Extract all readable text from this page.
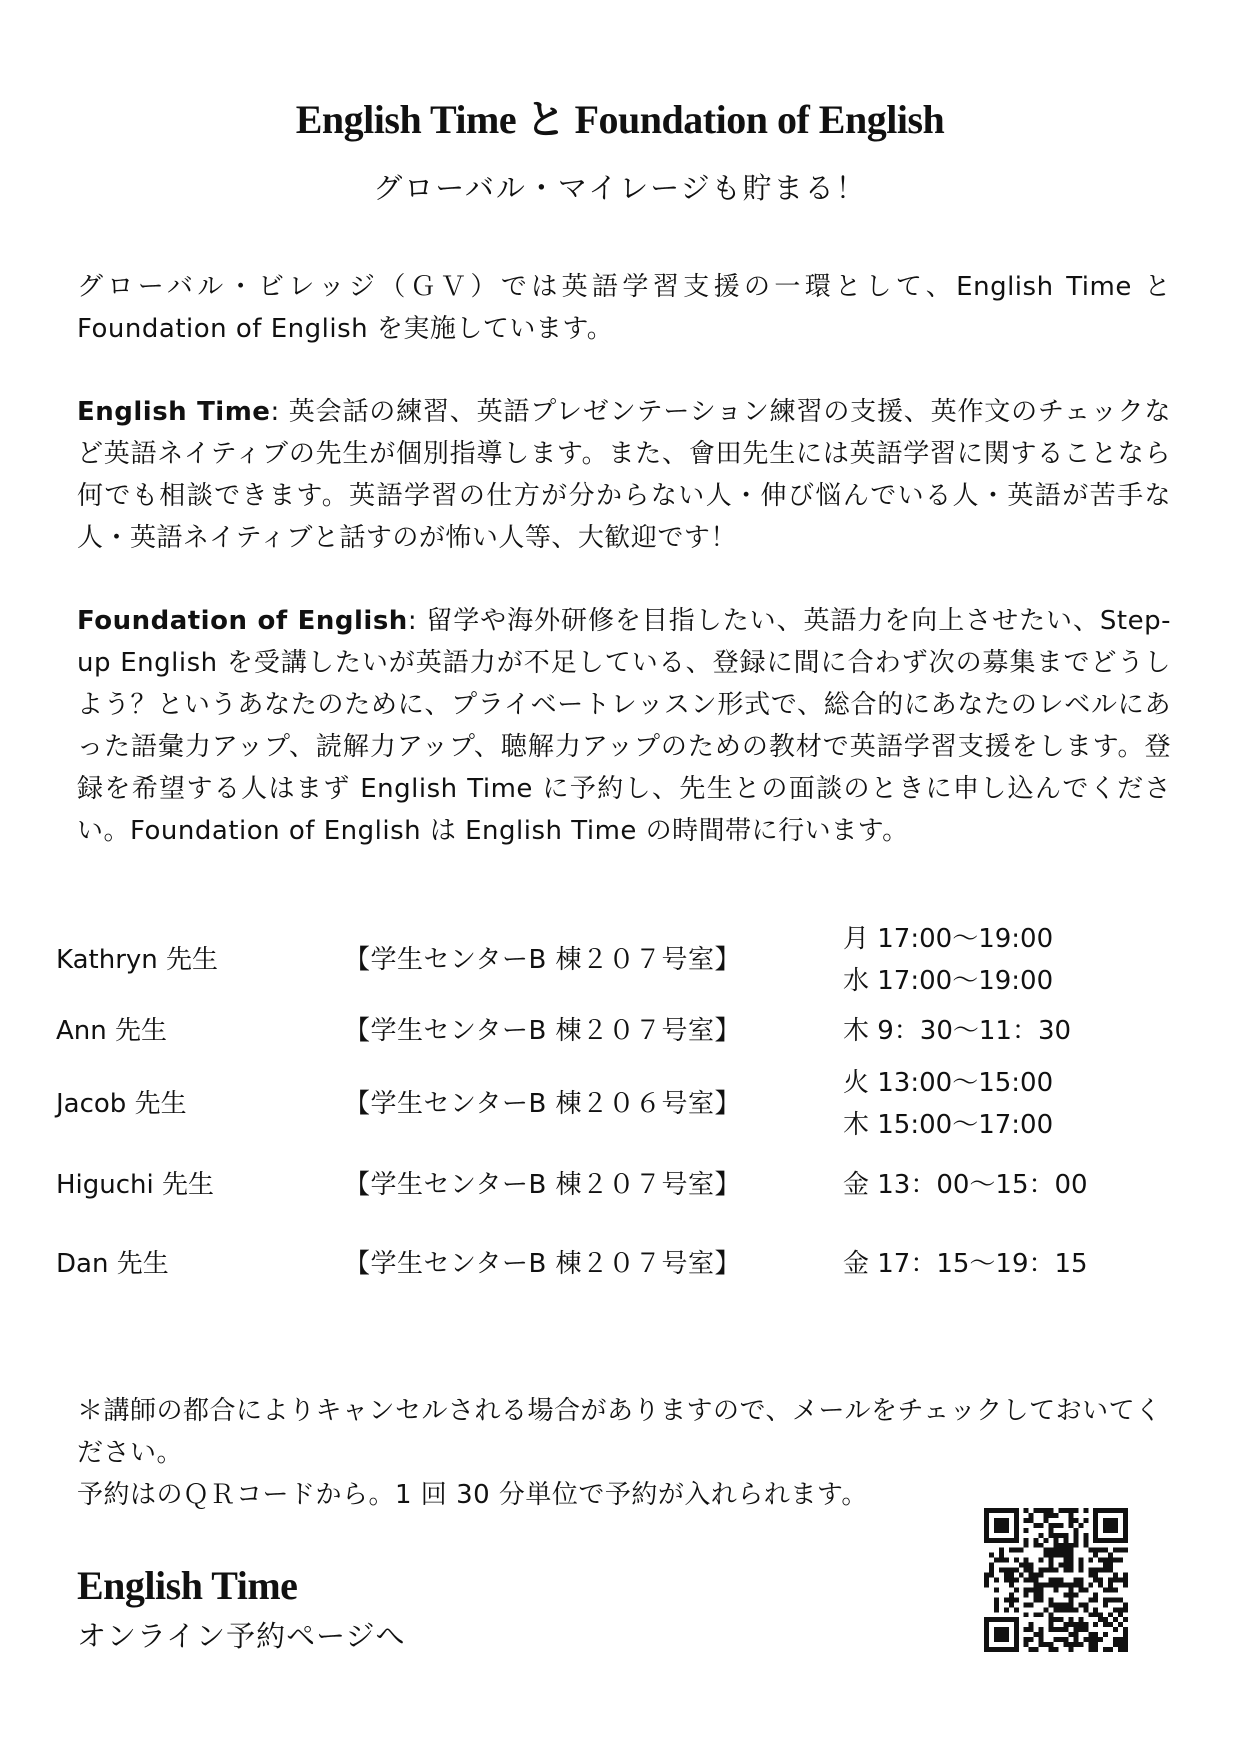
English Time と Foundation of English

グローバル・マイレージも貯まる！

グローバル・ビレッジ（ＧＶ）では英語学習支援の一環として、English Time と Foundation of English を実施しています。

English Time: 英会話の練習、英語プレゼンテーション練習の支援、英作文のチェックなど英語ネイティブの先生が個別指導します。また、會田先生には英語学習に関することなら何でも相談できます。英語学習の仕方が分からない人・伸び悩んでいる人・英語が苦手な人・英語ネイティブと話すのが怖い人等、大歓迎です！

Foundation of English: 留学や海外研修を目指したい、英語力を向上させたい、Step-up English を受講したいが英語力が不足している、登録に間に合わず次の募集までどうしよう？というあなたのために、プライベートレッスン形式で、総合的にあなたのレベルにあった語彙力アップ、読解力アップ、聴解力アップのための教材で英語学習支援をします。登録を希望する人はまず English Time に予約し、先生との面談のときに申し込んでください。Foundation of English は English Time の時間帯に行います。

Kathryn 先生	【学生センターB 棟２０７号室】
月 17:00〜19:00
水 17:00〜19:00
Ann 先生	【学生センターB 棟２０７号室】	木 9：30〜11：30
Jacob 先生	【学生センターB 棟２０６号室】
火 13:00〜15:00
木 15:00〜17:00
Higuchi 先生	【学生センターB 棟２０７号室】	金 13：00〜15：00
Dan 先生	【学生センターB 棟２０７号室】	金 17：15〜19：15
＊講師の都合によりキャンセルされる場合がありますので、メールをチェックしておいてください。
予約はのＱＲコードから。1 回 30 分単位で予約が入れられます。
English Time
オンライン予約ページへ
